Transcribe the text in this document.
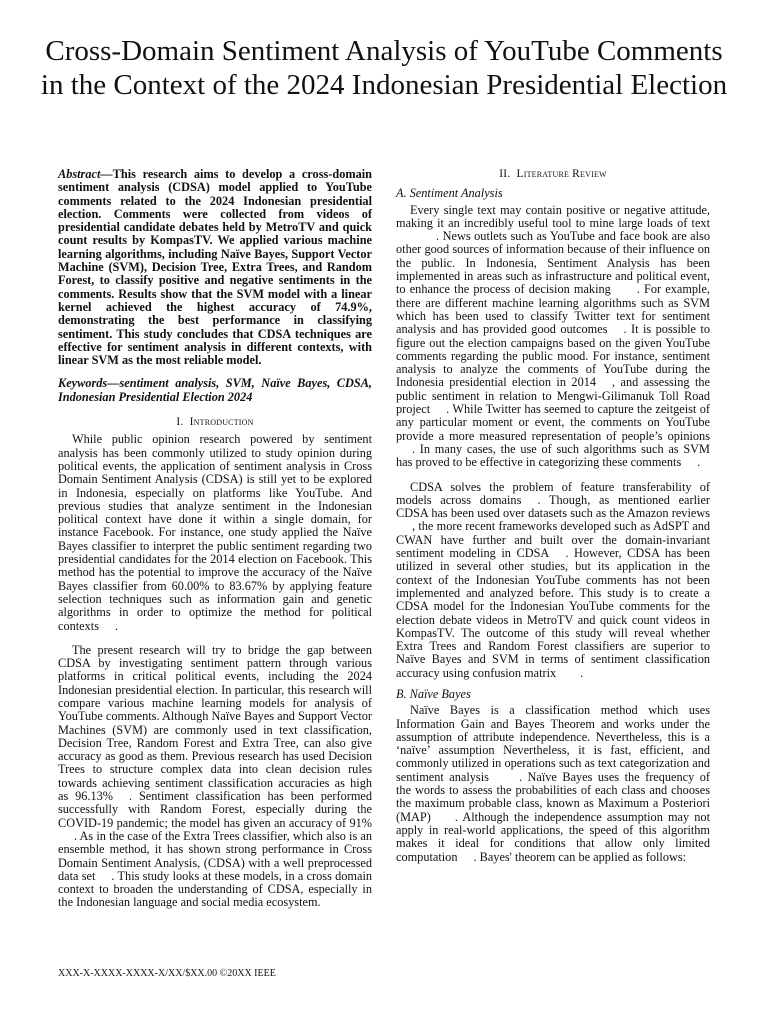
Cross-Domain Sentiment Analysis of YouTube Comments in the Context of the 2024 Indonesian Presidential Election

Abstract—This research aims to develop a cross-domain sentiment analysis (CDSA) model applied to YouTube comments related to the 2024 Indonesian presidential election. Comments were collected from videos of presidential candidate debates held by MetroTV and quick count results by KompasTV. We applied various machine learning algorithms, including Naïve Bayes, Support Vector Machine (SVM), Decision Tree, Extra Trees, and Random Forest, to classify positive and negative sentiments in the comments. Results show that the SVM model with a linear kernel achieved the highest accuracy of 74.9%, demonstrating the best performance in classifying sentiment. This study concludes that CDSA techniques are effective for sentiment analysis in different contexts, with linear SVM as the most reliable model.

Keywords—sentiment analysis, SVM, Naïve Bayes, CDSA, Indonesian Presidential Election 2024

I. Introduction

While public opinion research powered by sentiment analysis has been commonly utilized to study opinion during political events, the application of sentiment analysis in Cross Domain Sentiment Analysis (CDSA) is still yet to be explored in Indonesia, especially on platforms like YouTube. And previous studies that analyze sentiment in the Indonesian political context have done it within a single domain, for instance Facebook. For instance, one study applied the Naïve Bayes classifier to interpret the public sentiment regarding two presidential candidates for the 2014 election on Facebook. This method has the potential to improve the accuracy of the Naïve Bayes classifier from 60.00% to 83.67% by applying feature selection techniques such as information gain and genetic algorithms in order to optimize the method for political contexts .

The present research will try to bridge the gap between CDSA by investigating sentiment pattern through various platforms in critical political events, including the 2024 Indonesian presidential election. In particular, this research will compare various machine learning models for analysis of YouTube comments. Although Naïve Bayes and Support Vector Machines (SVM) are commonly used in text classification, Decision Tree, Random Forest and Extra Tree, can also give accuracy as good as them. Previous research has used Decision Trees to structure complex data into clean decision rules towards achieving sentiment classification accuracies as high as 96.13% . Sentiment classification has been performed successfully with Random Forest, especially during the COVID-19 pandemic; the model has given an accuracy of 91%. As in the case of the Extra Trees classifier, which also is an ensemble method, it has shown strong performance in Cross Domain Sentiment Analysis, (CDSA) with a well preprocessed data set . This study looks at these models, in a cross domain context to broaden the understanding of CDSA, especially in the Indonesian language and social media ecosystem.

II. Literature Review
A. Sentiment Analysis

Every single text may contain positive or negative attitude, making it an incredibly useful tool to mine large loads of text. News outlets such as YouTube and face book are also other good sources of information because of their influence on the public. In Indonesia, Sentiment Analysis has been implemented in areas such as infrastructure and political event, to enhance the process of decision making . For example, there are different machine learning algorithms such as SVM which has been used to classify Twitter text for sentiment analysis and has provided good outcomes . It is possible to figure out the election campaigns based on the given YouTube comments regarding the public mood. For instance, sentiment analysis to analyze the comments of YouTube during the Indonesia presidential election in 2014 , and assessing the public sentiment in relation to Mengwi-Gilimanuk Toll Road project . While Twitter has seemed to capture the zeitgeist of any particular moment or event, the comments on YouTube provide a more measured representation of people’s opinions. In many cases, the use of such algorithms such as SVM has proved to be effective in categorizing these comments .

CDSA solves the problem of feature transferability of models across domains . Though, as mentioned earlier CDSA has been used over datasets such as the Amazon reviews, the more recent frameworks developed such as AdSPT and CWAN have further and built over the domain-invariant sentiment modeling in CDSA . However, CDSA has been utilized in several other studies, but its application in the context of the Indonesian YouTube comments has not been implemented and analyzed before. This study is to create a CDSA model for the Indonesian YouTube comments for the election debate videos in MetroTV and quick count videos in KompasTV. The outcome of this study will reveal whether Extra Trees and Random Forest classifiers are superior to Naïve Bayes and SVM in terms of sentiment classification accuracy using confusion matrix .

B. Naïve Bayes

Naïve Bayes is a classification method which uses Information Gain and Bayes Theorem and works under the assumption of attribute independence. Nevertheless, this is a ‘naïve’ assumption Nevertheless, it is fast, efficient, and commonly utilized in operations such as text categorization and sentiment analysis . Naïve Bayes uses the frequency of the words to assess the probabilities of each class and chooses the maximum probable class, known as Maximum a Posteriori (MAP) . Although the independence assumption may not apply in real-world applications, the speed of this algorithm makes it ideal for conditions that allow only limited computation . Bayes' theorem can be applied as follows:

XXX-X-XXXX-XXXX-X/XX/$XX.00 ©20XX IEEE
